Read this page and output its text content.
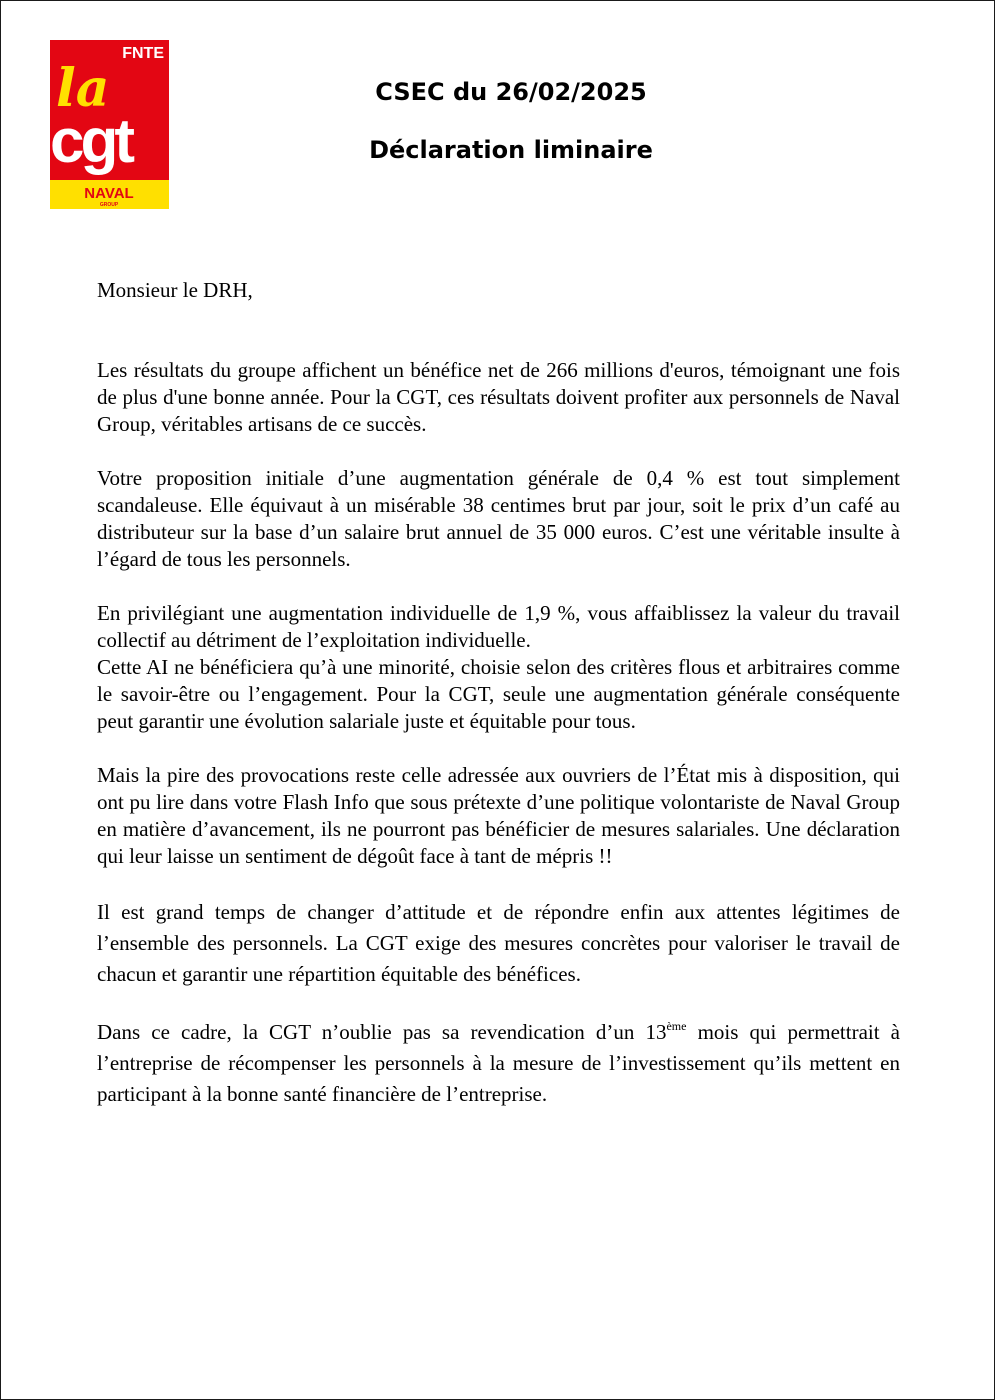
FNTE
la
cgt
NAVAL
GROUP

CSEC du 26/02/2025

Déclaration liminaire

Monsieur le DRH,

Les résultats du groupe affichent un bénéfice net de 266 millions d'euros, témoignant une fois de plus d'une bonne année. Pour la CGT, ces résultats doivent profiter aux personnels de Naval Group, véritables artisans de ce succès.

Votre proposition initiale d’une augmentation générale de 0,4 % est tout simplement scandaleuse. Elle équivaut à un misérable 38 centimes brut par jour, soit le prix d’un café au distributeur sur la base d’un salaire brut annuel de 35 000 euros. C’est une véritable insulte à l’égard de tous les personnels.

En privilégiant une augmentation individuelle de 1,9 %, vous affaiblissez la valeur du travail collectif au détriment de l’exploitation individuelle.

Cette AI ne bénéficiera qu’à une minorité, choisie selon des critères flous et arbitraires comme le savoir-être ou l’engagement. Pour la CGT, seule une augmentation générale conséquente peut garantir une évolution salariale juste et équitable pour tous.

Mais la pire des provocations reste celle adressée aux ouvriers de l’État mis à disposition, qui ont pu lire dans votre Flash Info que sous prétexte d’une politique volontariste de Naval Group en matière d’avancement, ils ne pourront pas bénéficier de mesures salariales. Une déclaration qui leur laisse un sentiment de dégoût face à tant de mépris !!

Il est grand temps de changer d’attitude et de répondre enfin aux attentes légitimes de l’ensemble des personnels. La CGT exige des mesures concrètes pour valoriser le travail de chacun et garantir une répartition équitable des bénéfices.

Dans ce cadre, la CGT n’oublie pas sa revendication d’un 13ème mois qui permettrait à l’entreprise de récompenser les personnels à la mesure de l’investissement qu’ils mettent en participant à la bonne santé financière de l’entreprise.
